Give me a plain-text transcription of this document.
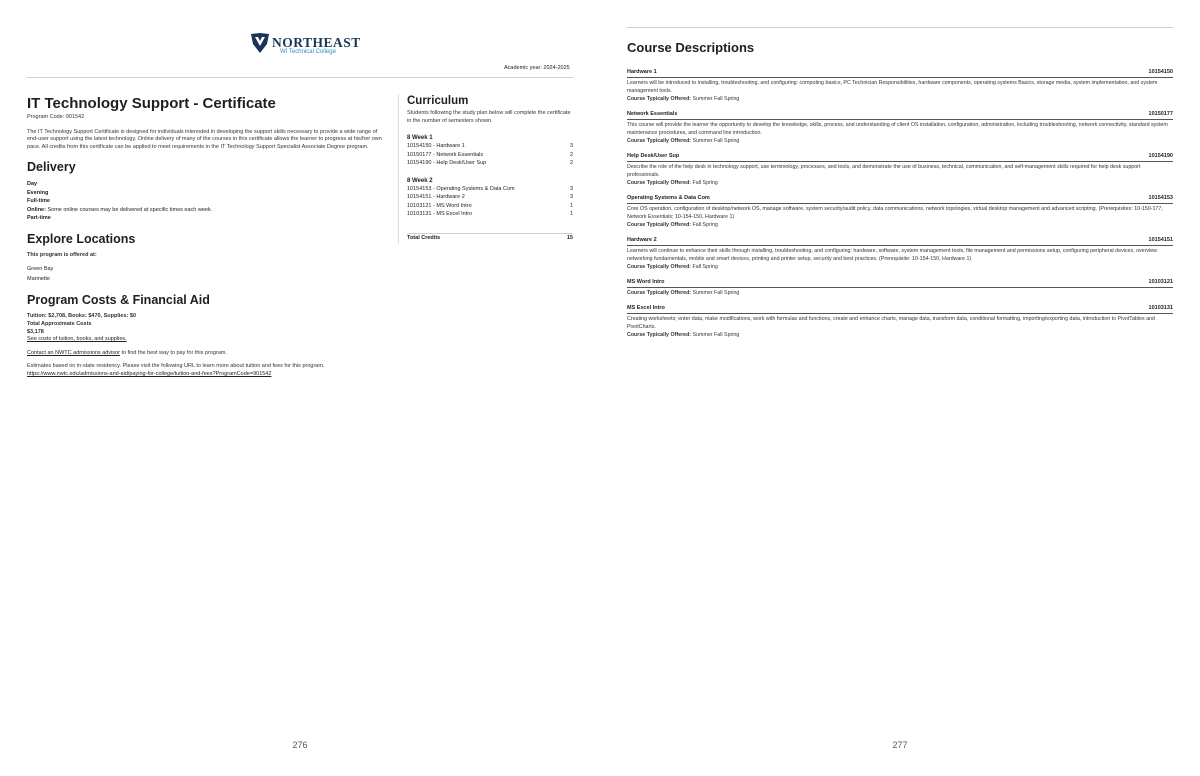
NORTHEAST
WI Technical College
Academic year: 2024-2025
IT Technology Support - Certificate
Program Code: 901542
The IT Technology Support Certificate is designed for individuals interested in developing the support skills necessary to provide a wide range of end-user support using the latest technology. Online delivery of many of the courses in this certificate allows the learner to progress at his/her own pace. All credits from this certificate can be applied to meet requirements in the IT Technology Support Specialist Associate Degree program.
Delivery
Day
Evening
Full-time
Online: Some online courses may be delivered at specific times each week.
Part-time
Explore Locations
This program is offered at:
Green Bay
Marinette
Program Costs & Financial Aid
Tuition: $2,708, Books: $470, Supplies: $0
Total Approximate Costs
$3,178
See costs of tuition, books, and supplies.
Contact an NWTC admissions advisor to find the best way to pay for this program.
Estimates based on in-state residency. Please visit the following URL to learn more about tuition and fees for this program.
https://www.nwtc.edu/admissions-and-aid/paying-for-college/tuition-and-fees?ProgramCode=901542
Curriculum
Students following the study plan below will complete the certificate in the number of semesters shown.
8 Week 1
10154150 - Hardware 1	3
10150177 - Network Essentials	2
10154190 - Help Desk/User Sup	2
8 Week 2
10154153 - Operating Systems & Data Com	3
10154151 - Hardware 2	3
10103121 - MS Word Intro	1
10103131 - MS Excel Intro	1
Total Credits	15
276
Course Descriptions
Hardware 1	10154150
Learners will be introduced to installing, troubleshooting, and configuring: computing basics, PC Technician Responsibilities, hardware components, operating systems Basics, storage media, system implementation, and system management tools.
Course Typically Offered: Summer Fall Spring
Network Essentials	10150177
This course will provide the learner the opportunity to develop the knowledge, skills, process, and understanding of client OS installation, configuration, administration, including troubleshooting, network connectivity, standard system maintenance procedures, and command line introduction.
Course Typically Offered: Summer Fall Spring
Help Desk/User Sup	10154190
Describe the role of the help desk in technology support, use terminology, processes, and tools, and demonstrate the use of business, technical, communication, and self-management skills required for help desk support professionals.
Course Typically Offered: Fall Spring
Operating Systems & Data Com	10154153
Core OS operation, configuration of desktop/network OS, manage software, system security/audit policy, data communications, network topologies, virtual desktop management and advanced scripting. (Prerequisites: 10-150-177, Network Essentials; 10-154-150, Hardware 1)
Course Typically Offered: Fall Spring
Hardware 2	10154151
Learners will continue to enhance their skills through installing, troubleshooting, and configuring: hardware, software, system management tools, file management and permissions setup, configuring peripheral devices, overview networking fundamentals, mobile and smart devices, printing and printer setup, security and best practices. (Prerequisite: 10-154-150, Hardware 1)
Course Typically Offered: Fall Spring
MS Word Intro	10103121
Course Typically Offered: Summer Fall Spring
MS Excel Intro	10103131
Creating worksheets; enter data, make modifications, work with formulas and functions, create and enhance charts, manage data, transform data, conditional formatting, importing/exporting data, introduction to PivotTables and PivotCharts.
Course Typically Offered: Summer Fall Spring
277
